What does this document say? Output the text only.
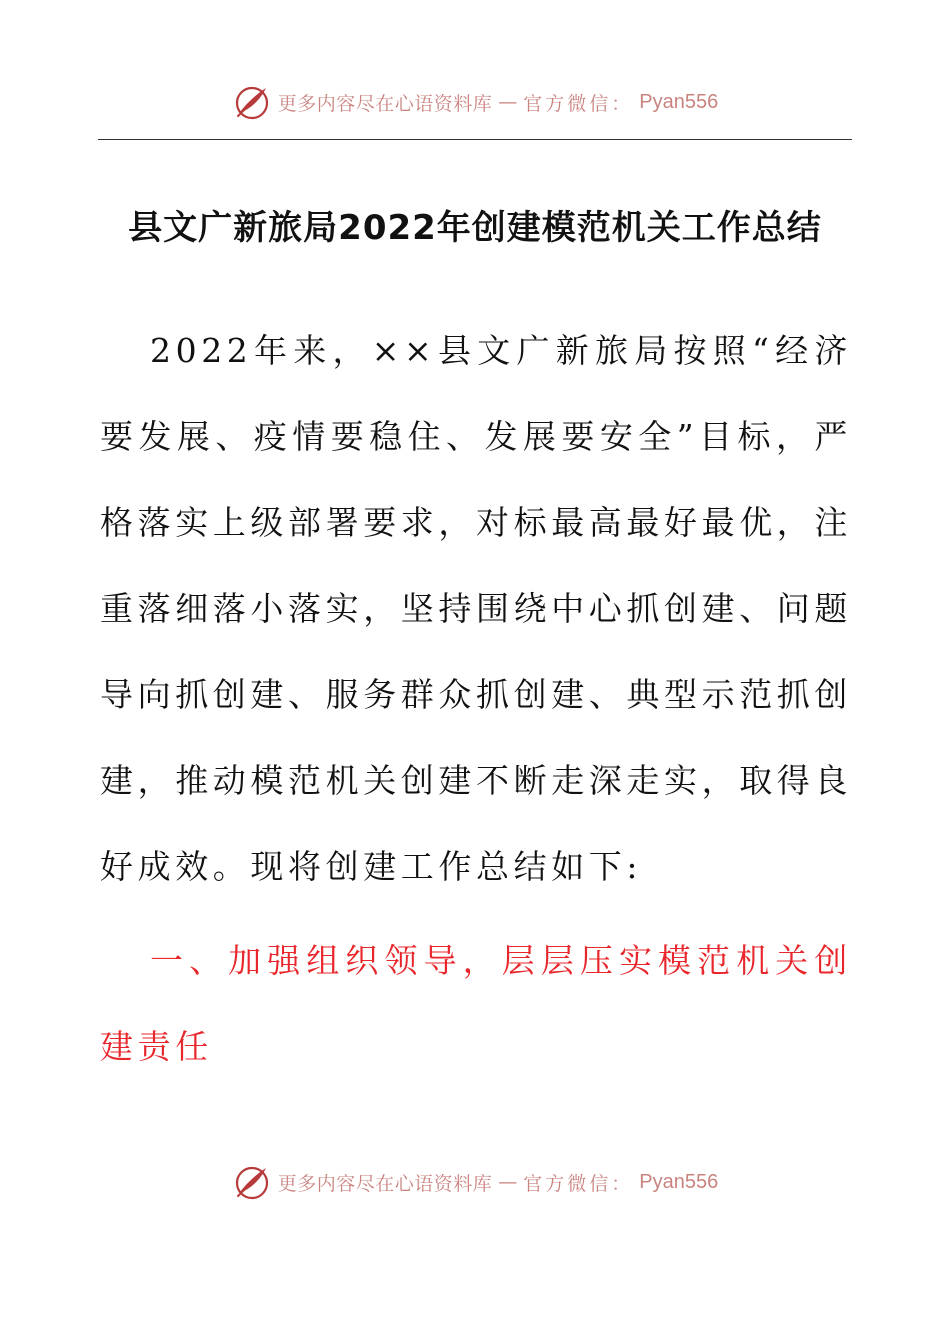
更多内容尽在心语资料库 — 官方微信： Pyan556
县文广新旅局2022年创建模范机关工作总结

2022年来，××县文广新旅局按照“经济要发展、疫情要稳住、发展要安全”目标，严格落实上级部署要求，对标最高最好最优，注重落细落小落实，坚持围绕中心抓创建、问题导向抓创建、服务群众抓创建、典型示范抓创建，推动模范机关创建不断走深走实，取得良好成效。现将创建工作总结如下:

一、加强组织领导，层层压实模范机关创建责任

更多内容尽在心语资料库 — 官方微信： Pyan556
